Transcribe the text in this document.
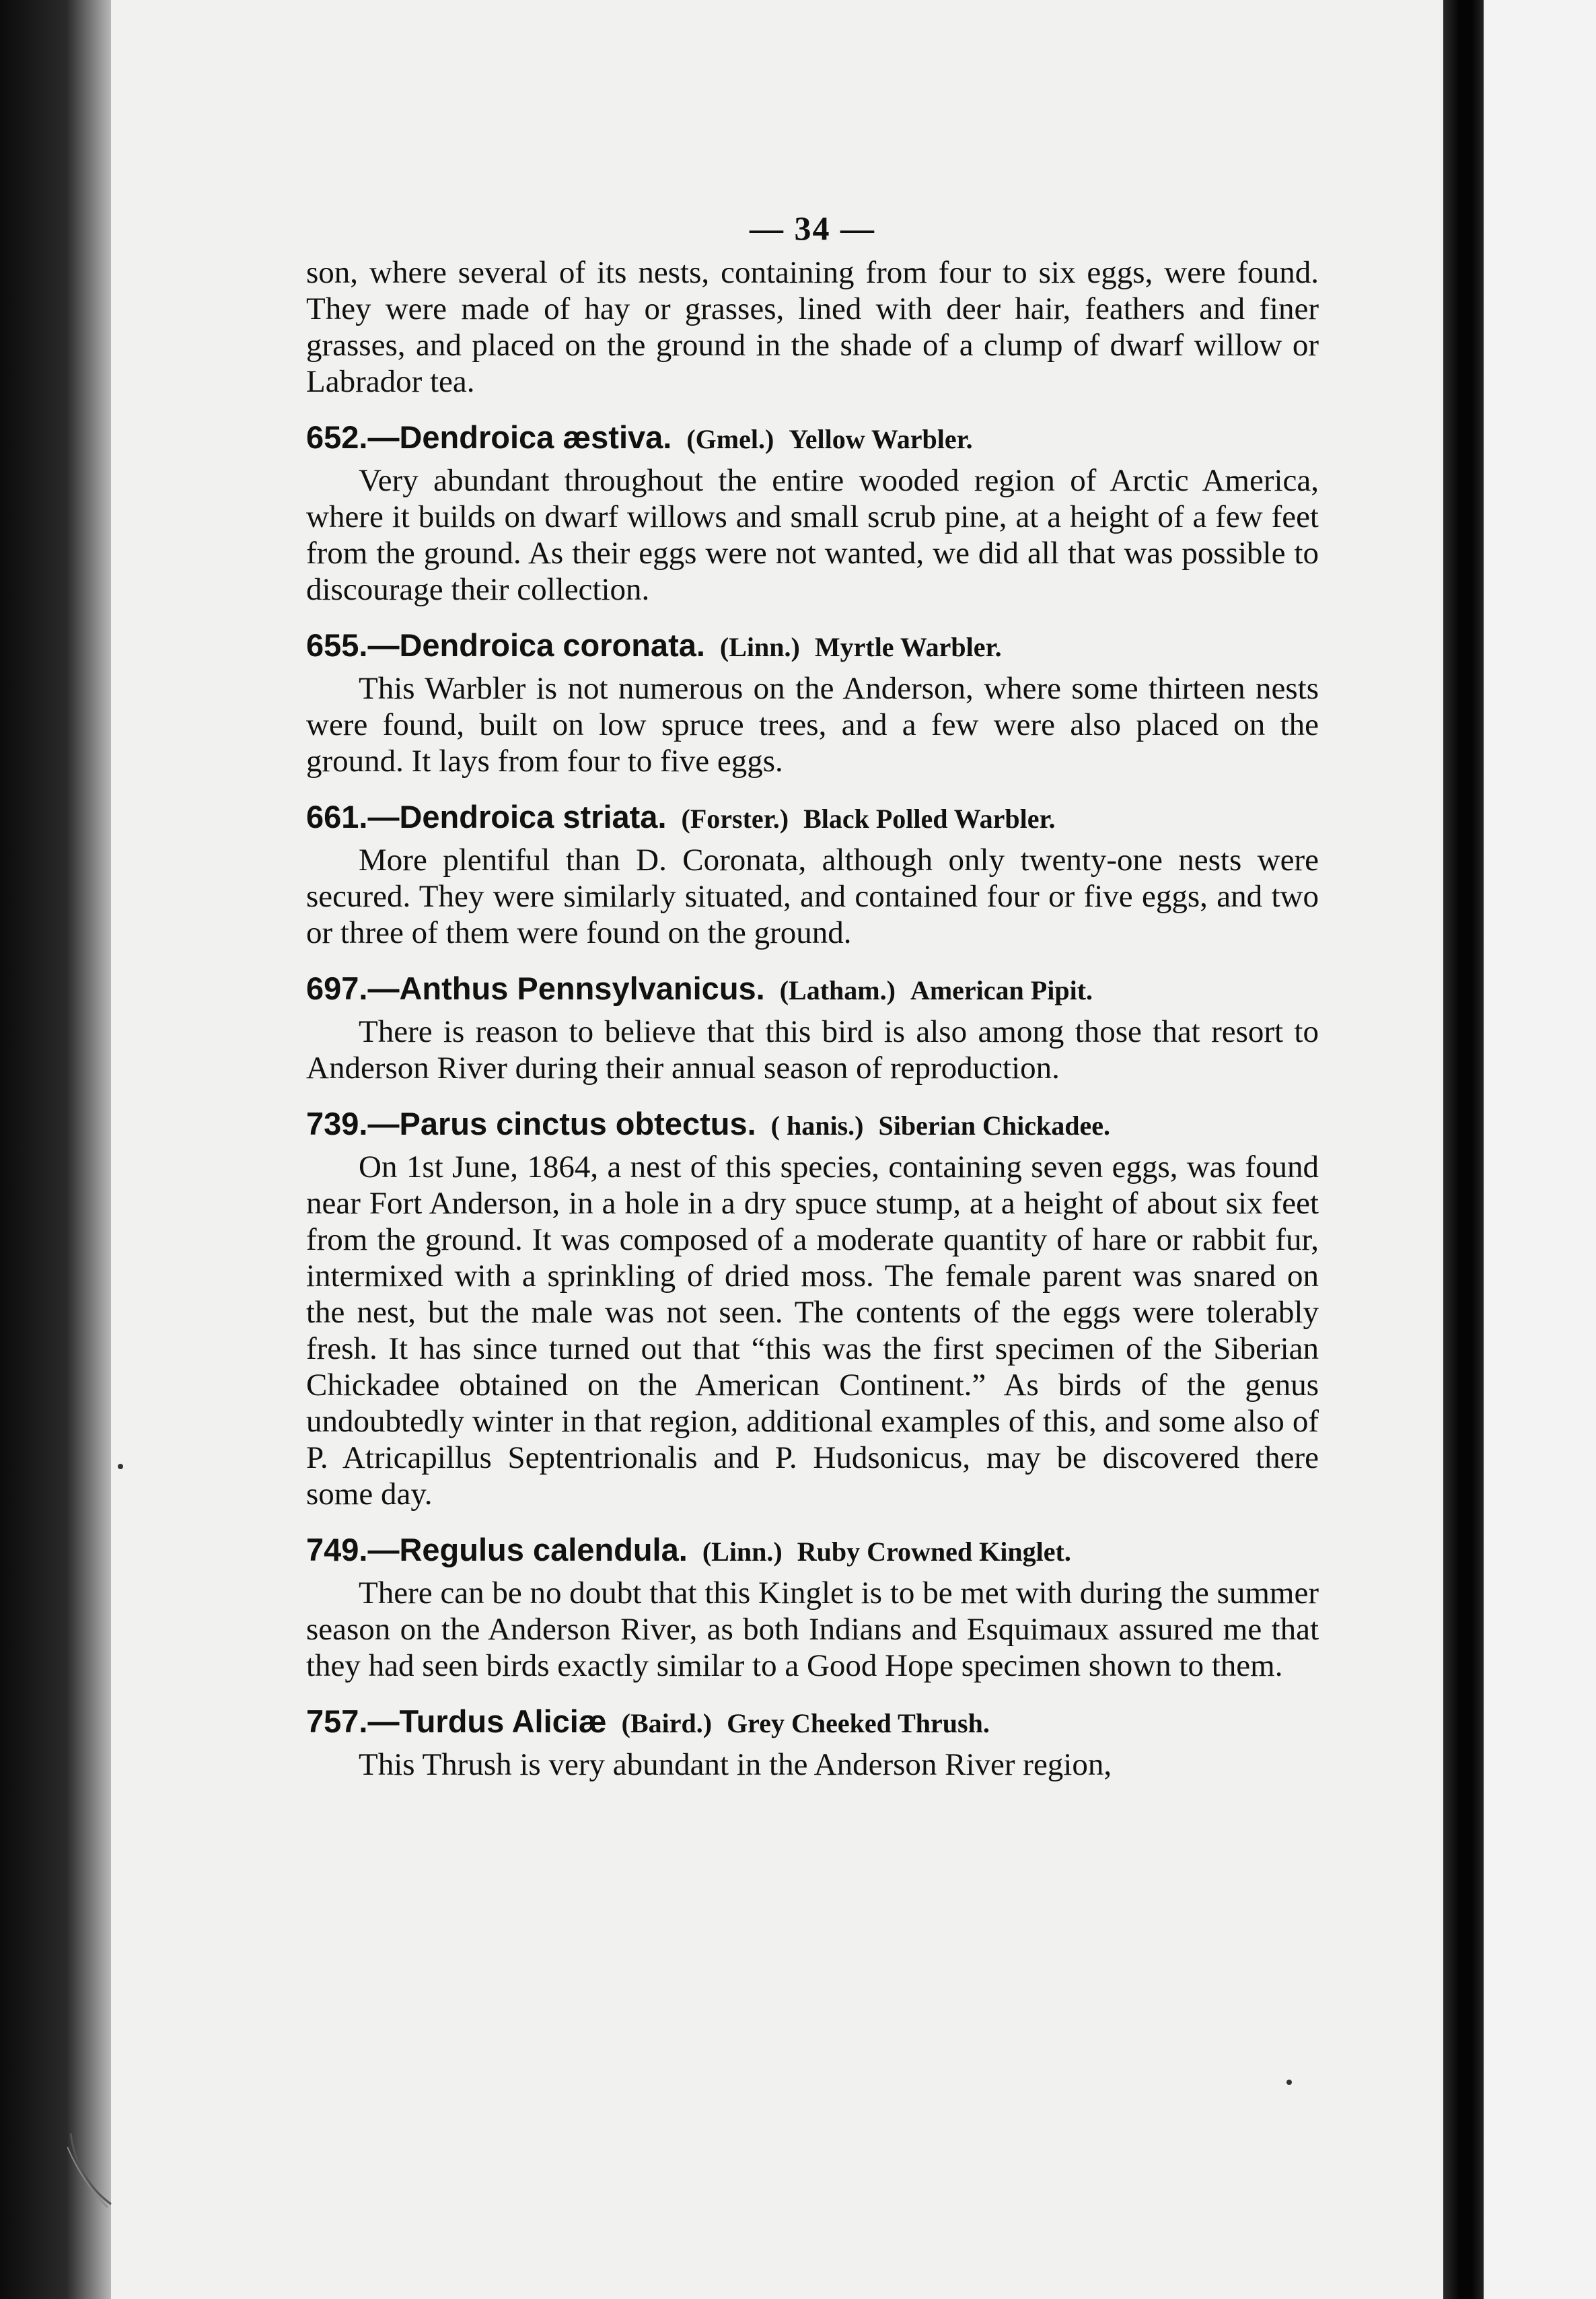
— 34 —

son, where several of its nests, containing from four to six eggs, were found. They were made of hay or grasses, lined with deer hair, feathers and finer grasses, and placed on the ground in the shade of a clump of dwarf willow or Labrador tea.

652.—Dendroica æstiva. (Gmel.) Yellow Warbler.

Very abundant throughout the entire wooded region of Arctic America, where it builds on dwarf willows and small scrub pine, at a height of a few feet from the ground. As their eggs were not wanted, we did all that was possible to discourage their collection.

655.—Dendroica coronata. (Linn.) Myrtle Warbler.

This Warbler is not numerous on the Anderson, where some thirteen nests were found, built on low spruce trees, and a few were also placed on the ground. It lays from four to five eggs.

661.—Dendroica striata. (Forster.) Black Polled Warbler.

More plentiful than D. Coronata, although only twenty-one nests were secured. They were similarly situated, and contained four or five eggs, and two or three of them were found on the ground.

697.—Anthus Pennsylvanicus. (Latham.) American Pipit.

There is reason to believe that this bird is also among those that resort to Anderson River during their annual season of reproduction.

739.—Parus cinctus obtectus. ( hanis.) Siberian Chickadee.

On 1st June, 1864, a nest of this species, containing seven eggs, was found near Fort Anderson, in a hole in a dry spuce stump, at a height of about six feet from the ground. It was composed of a moderate quantity of hare or rabbit fur, intermixed with a sprinkling of dried moss. The female parent was snared on the nest, but the male was not seen. The contents of the eggs were tolerably fresh. It has since turned out that “this was the first specimen of the Siberian Chickadee obtained on the American Continent.” As birds of the genus undoubtedly winter in that region, additional examples of this, and some also of P. Atricapillus Septentrionalis and P. Hudsonicus, may be discovered there some day.

749.—Regulus calendula. (Linn.) Ruby Crowned Kinglet.

There can be no doubt that this Kinglet is to be met with during the summer season on the Anderson River, as both Indians and Esquimaux assured me that they had seen birds exactly similar to a Good Hope specimen shown to them.

757.—Turdus Aliciæ (Baird.) Grey Cheeked Thrush.

This Thrush is very abundant in the Anderson River region,
